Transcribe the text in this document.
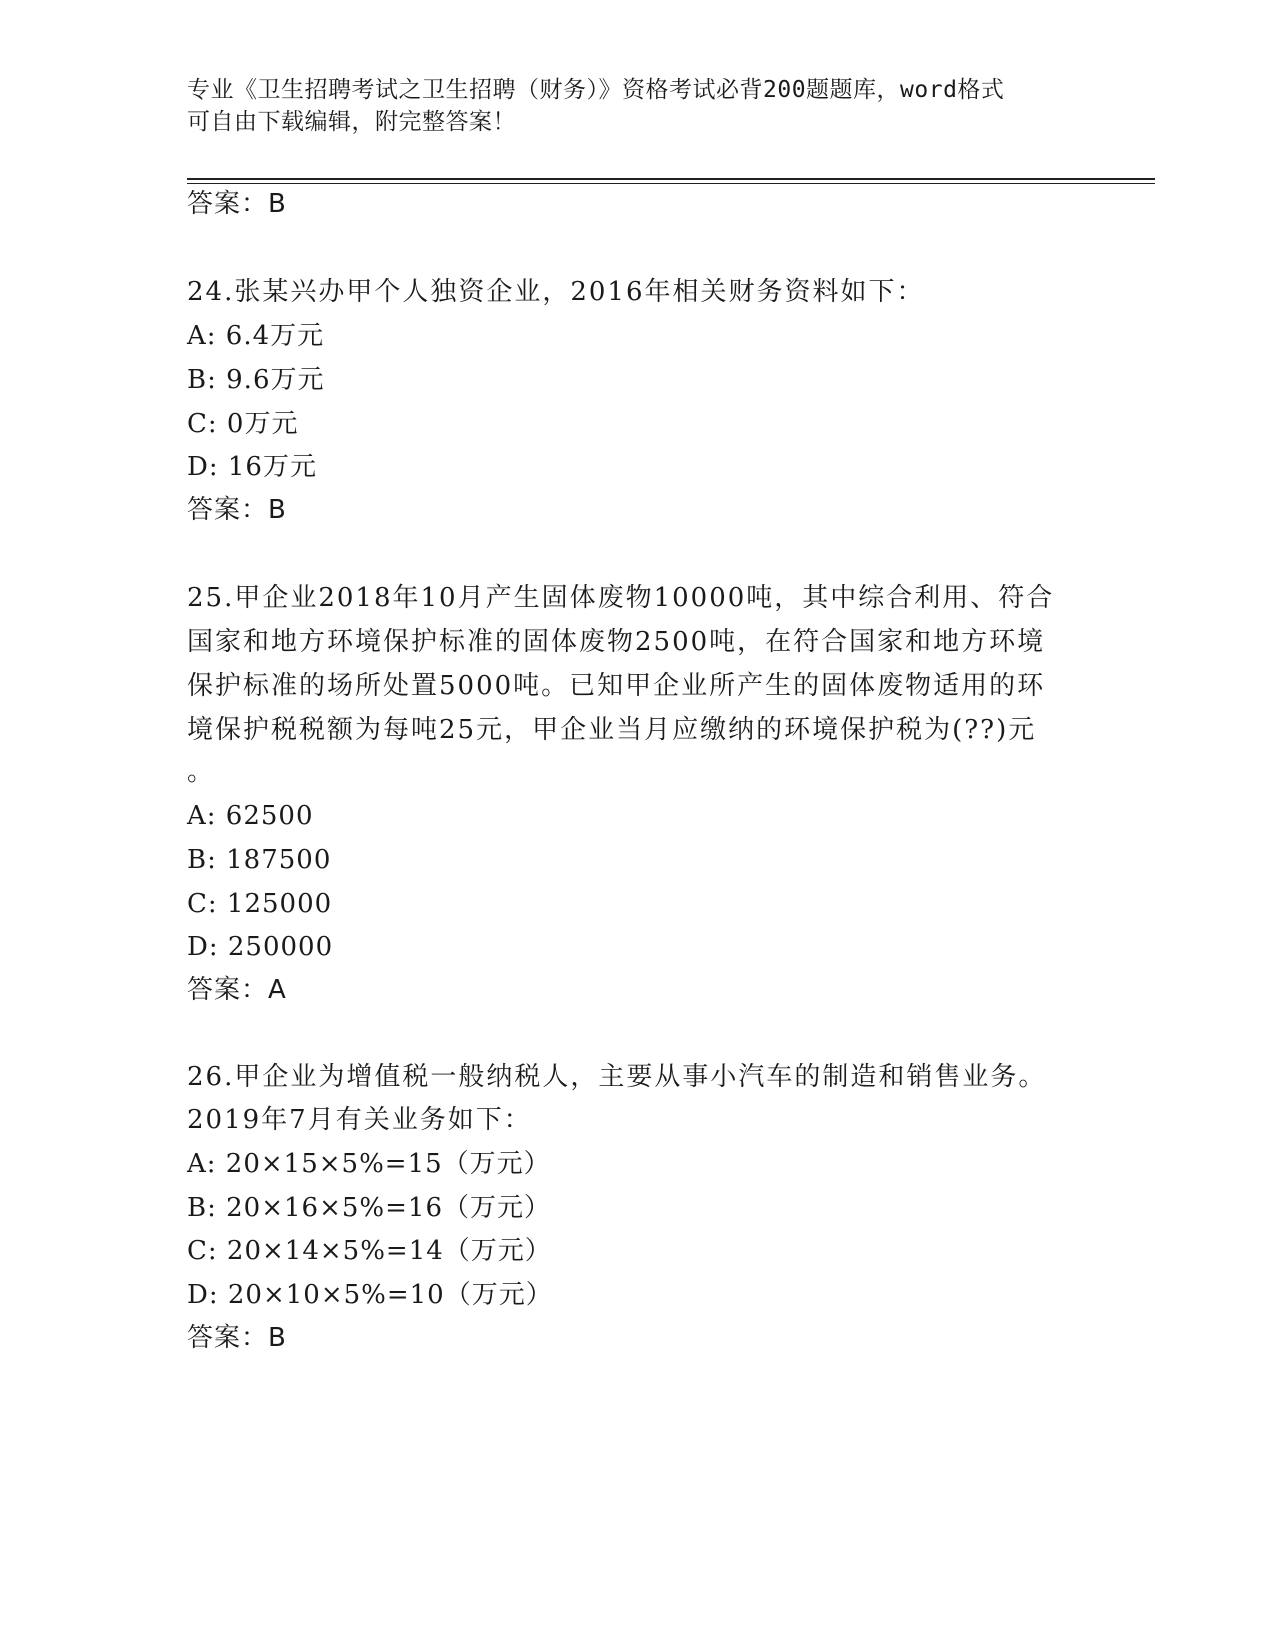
专业《卫生招聘考试之卫生招聘（财务）》资格考试必背200题题库，word格式
可自由下载编辑，附完整答案！
答案：B
24.张某兴办甲个人独资企业，2016年相关财务资料如下：
A: 6.4万元
B: 9.6万元
C: 0万元
D: 16万元
答案：B
25.甲企业2018年10月产生固体废物10000吨，其中综合利用、符合
国家和地方环境保护标准的固体废物2500吨，在符合国家和地方环境
保护标准的场所处置5000吨。已知甲企业所产生的固体废物适用的环
境保护税税额为每吨25元，甲企业当月应缴纳的环境保护税为(??)元
。
A: 62500
B: 187500
C: 125000
D: 250000
答案：A
26.甲企业为增值税一般纳税人，主要从事小汽车的制造和销售业务。
2019年7月有关业务如下：
A: 20×15×5%=15（万元）
B: 20×16×5%=16（万元）
C: 20×14×5%=14（万元）
D: 20×10×5%=10（万元）
答案：B
